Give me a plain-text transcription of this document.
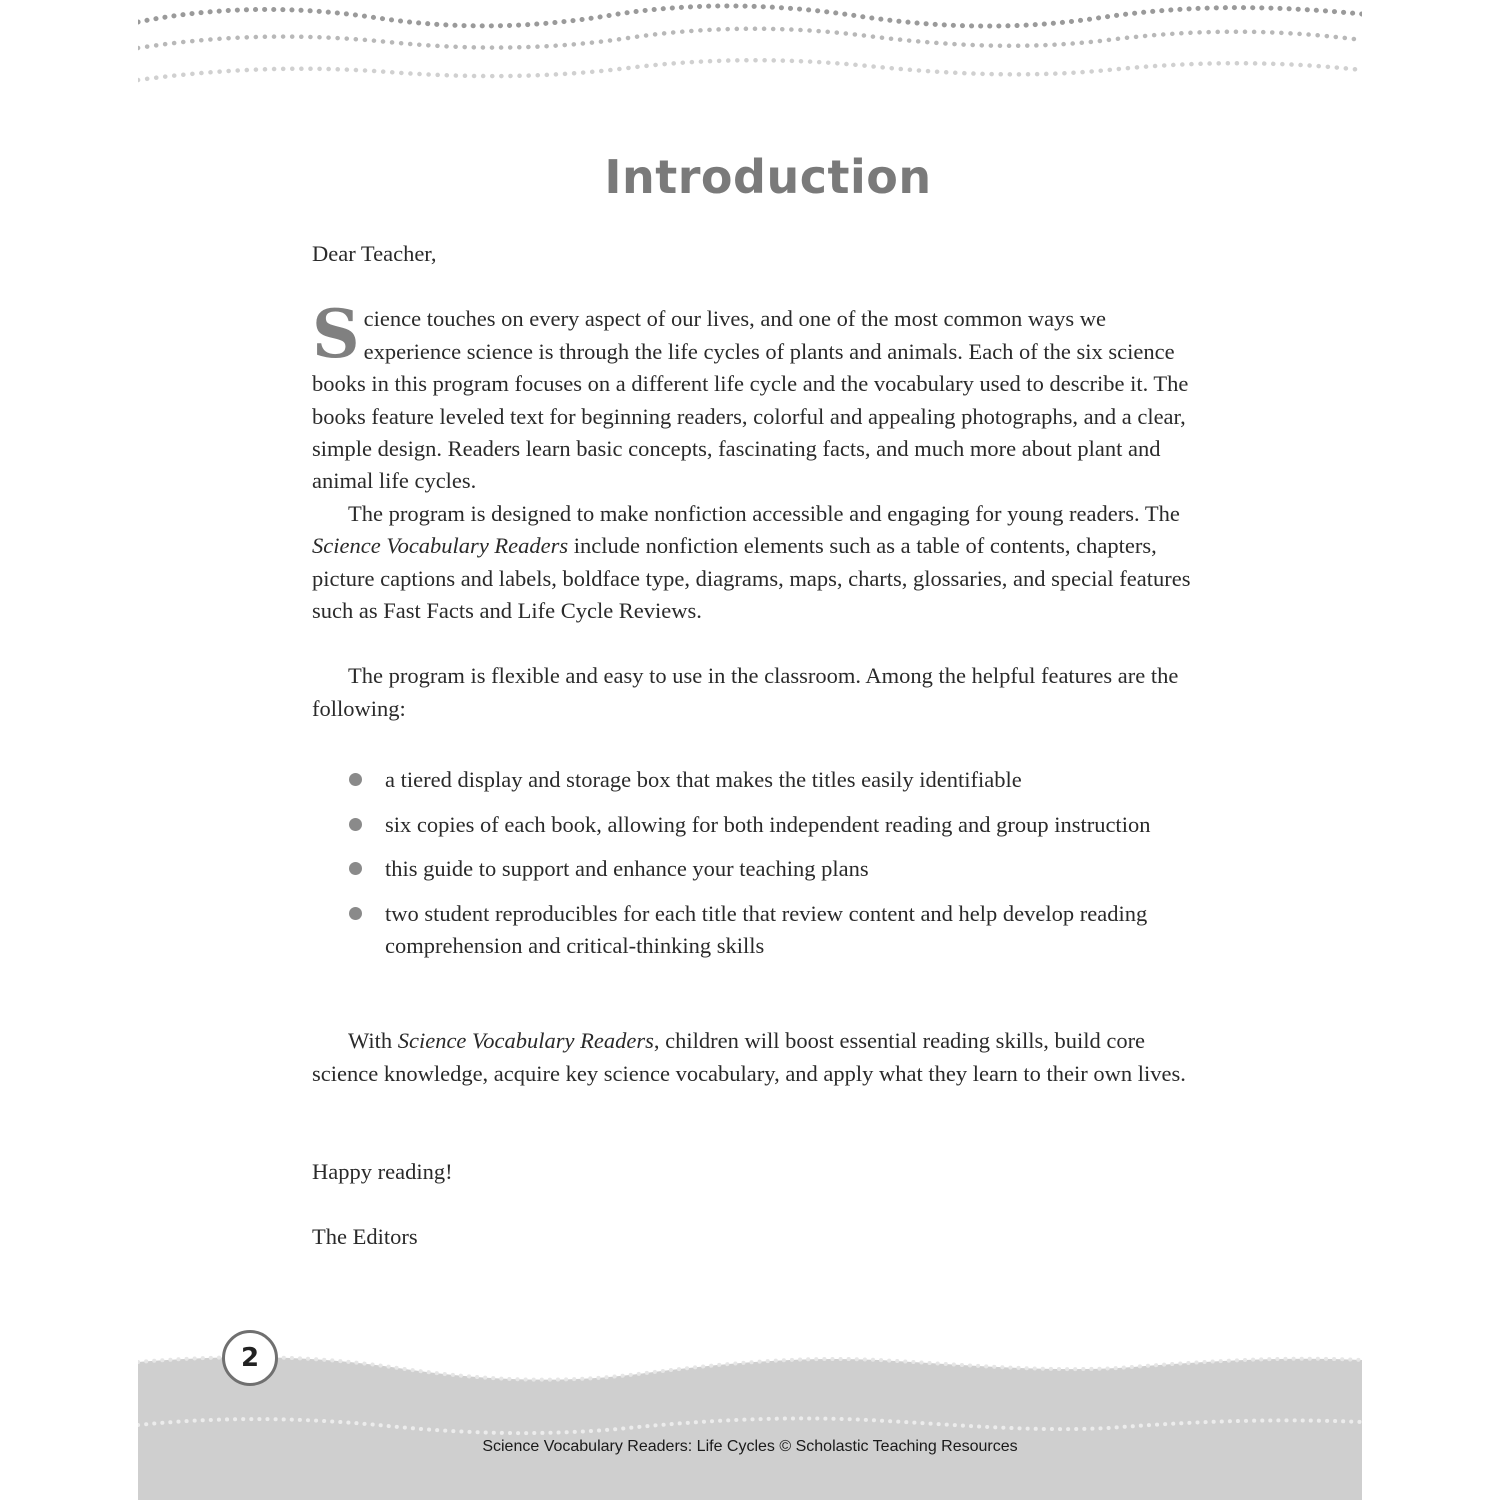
Introduction

Dear Teacher,

Science touches on every aspect of our lives, and one of the most common ways we experience science is through the life cycles of plants and animals. Each of the six science books in this program focuses on a different life cycle and the vocabulary used to describe it. The books feature leveled text for beginning readers, colorful and appealing photographs, and a clear, simple design. Readers learn basic concepts, fascinating facts, and much more about plant and animal life cycles.

The program is designed to make nonfiction accessible and engaging for young readers. The Science Vocabulary Readers include nonfiction elements such as a table of contents, chapters, picture captions and labels, boldface type, diagrams, maps, charts, glossaries, and special features such as Fast Facts and Life Cycle Reviews.

The program is flexible and easy to use in the classroom. Among the helpful features are the following:

a tiered display and storage box that makes the titles easily identifiable
six copies of each book, allowing for both independent reading and group instruction
this guide to support and enhance your teaching plans
two student reproducibles for each title that review content and help develop reading comprehension and critical-thinking skills

With Science Vocabulary Readers, children will boost essential reading skills, build core science knowledge, acquire key science vocabulary, and apply what they learn to their own lives.

Happy reading!

The Editors

2
Science Vocabulary Readers: Life Cycles © Scholastic Teaching Resources
